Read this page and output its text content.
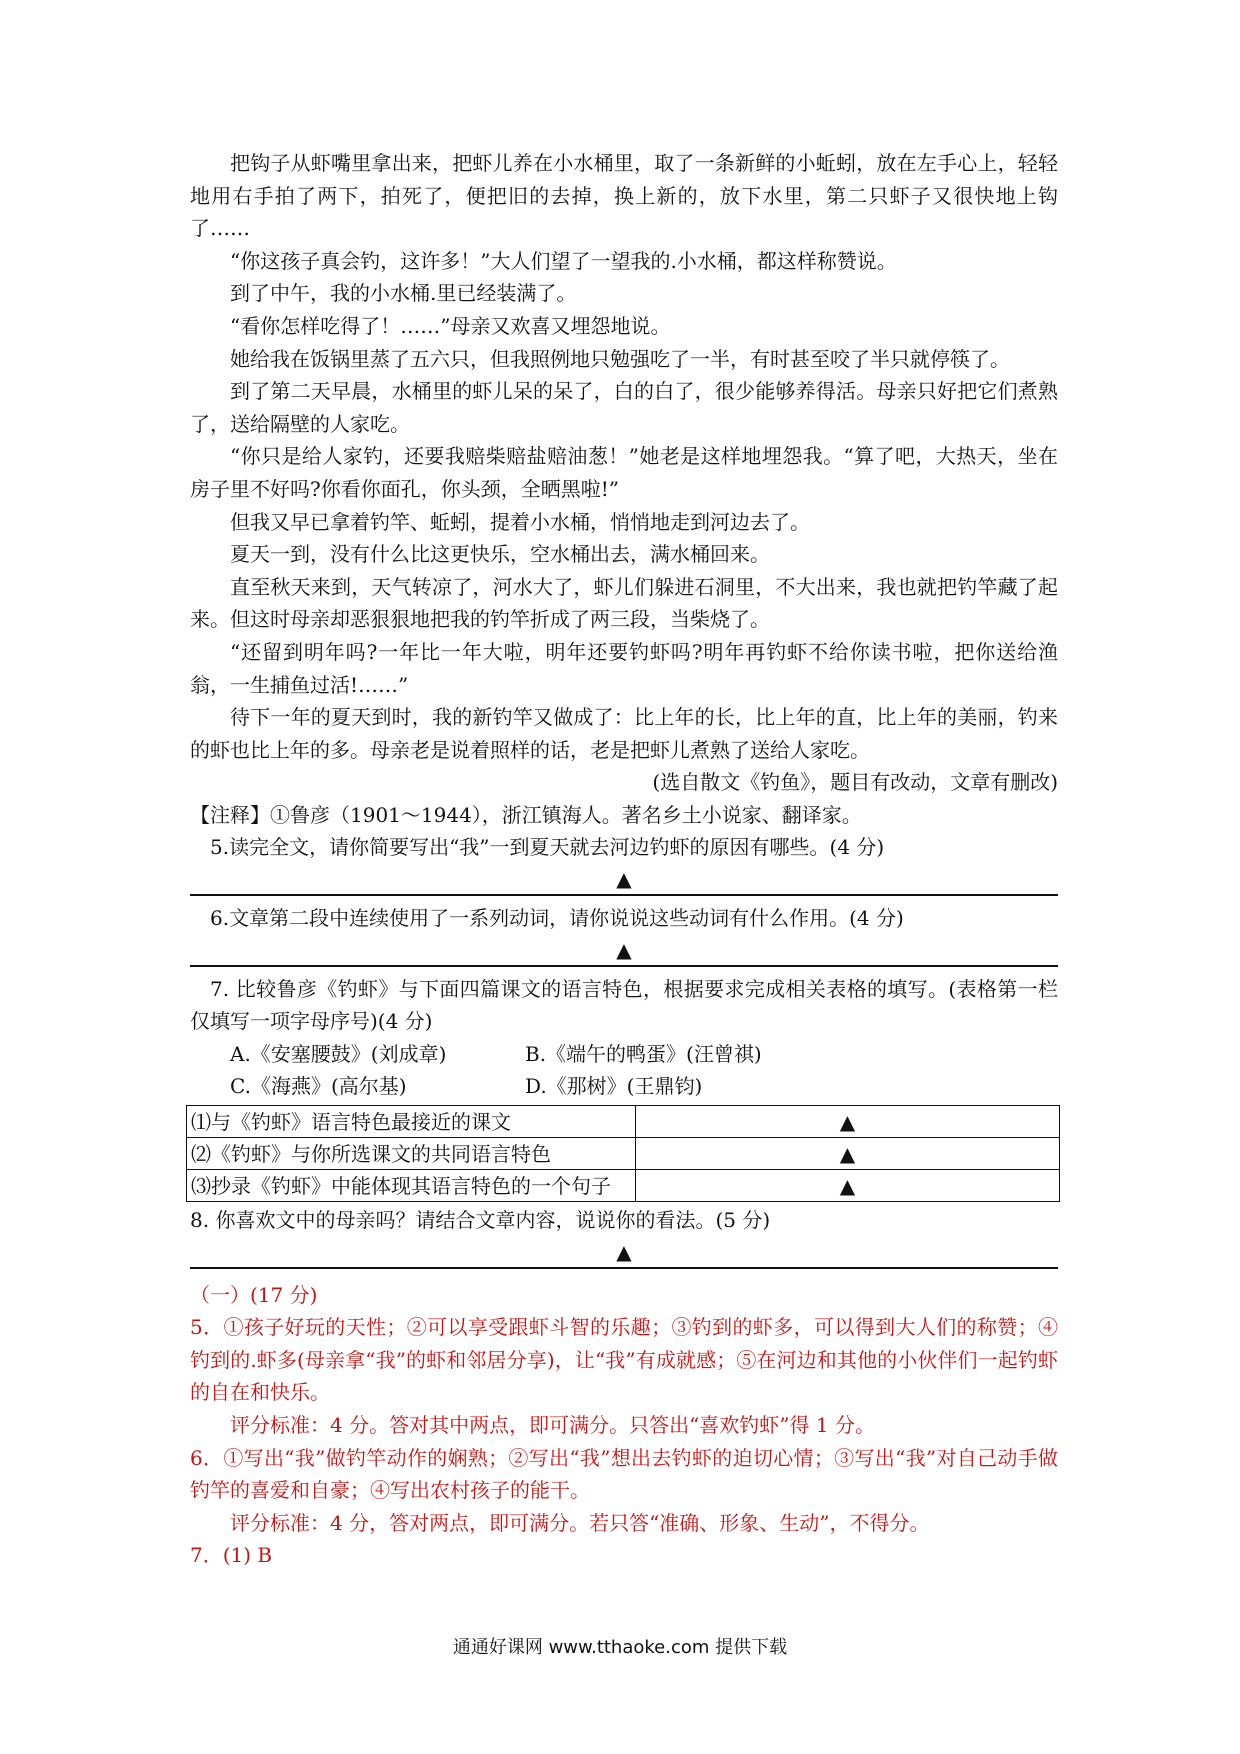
把钩子从虾嘴里拿出来，把虾儿养在小水桶里，取了一条新鲜的小蚯蚓，放在左手心上，轻轻地用右手拍了两下，拍死了，便把旧的去掉，换上新的，放下水里，第二只虾子又很快地上钩了……

“你这孩子真会钓，这许多！”大人们望了一望我的.小水桶，都这样称赞说。

到了中午，我的小水桶.里已经装满了。

“看你怎样吃得了！……”母亲又欢喜又埋怨地说。

她给我在饭锅里蒸了五六只，但我照例地只勉强吃了一半，有时甚至咬了半只就停筷了。

到了第二天早晨，水桶里的虾儿呆的呆了，白的白了，很少能够养得活。母亲只好把它们煮熟了，送给隔壁的人家吃。

“你只是给人家钓，还要我赔柴赔盐赔油葱！”她老是这样地埋怨我。“算了吧，大热天，坐在房子里不好吗?你看你面孔，你头颈，全晒黑啦!”

但我又早已拿着钓竿、蚯蚓，提着小水桶，悄悄地走到河边去了。

夏天一到，没有什么比这更快乐，空水桶出去，满水桶回来。

直至秋天来到，天气转凉了，河水大了，虾儿们躲进石洞里，不大出来，我也就把钓竿藏了起来。但这时母亲却恶狠狠地把我的钓竿折成了两三段，当柴烧了。

“还留到明年吗?一年比一年大啦，明年还要钓虾吗?明年再钓虾不给你读书啦，把你送给渔翁，一生捕鱼过活!……”

待下一年的夏天到时，我的新钓竿又做成了：比上年的长，比上年的直，比上年的美丽，钓来的虾也比上年的多。母亲老是说着照样的话，老是把虾儿煮熟了送给人家吃。

(选自散文《钓鱼》，题目有改动，文章有删改)

【注释】①鲁彦（1901～1944），浙江镇海人。著名乡土小说家、翻译家。

5.读完全文，请你简要写出“我”一到夏天就去河边钓虾的原因有哪些。(4 分)

▲

6.文章第二段中连续使用了一系列动词，请你说说这些动词有什么作用。(4 分)

▲

7. 比较鲁彦《钓虾》与下面四篇课文的语言特色，根据要求完成相关表格的填写。(表格第一栏仅填写一项字母序号)(4 分)

A.《安塞腰鼓》(刘成章)	B.《端午的鸭蛋》(汪曾祺)
C.《海燕》(高尔基)	D.《那树》(王鼎钧)
⑴与《钓虾》语言特色最接近的课文	▲
⑵《钓虾》与你所选课文的共同语言特色	▲
⑶抄录《钓虾》中能体现其语言特色的一个句子	▲

8. 你喜欢文中的母亲吗？请结合文章内容，说说你的看法。(5 分)

▲

（一）(17 分)

5．①孩子好玩的天性；②可以享受跟虾斗智的乐趣；③钓到的虾多，可以得到大人们的称赞；④钓到的.虾多(母亲拿“我”的虾和邻居分享)，让“我”有成就感；⑤在河边和其他的小伙伴们一起钓虾的自在和快乐。

评分标准：4 分。答对其中两点，即可满分。只答出“喜欢钓虾”得 1 分。

6．①写出“我”做钓竿动作的娴熟；②写出“我”想出去钓虾的迫切心情；③写出“我”对自己动手做钓竿的喜爱和自豪；④写出农村孩子的能干。

评分标准：4 分，答对两点，即可满分。若只答“准确、形象、生动”，不得分。

7．(1) B

通通好课网 www.tthaoke.com 提供下载
